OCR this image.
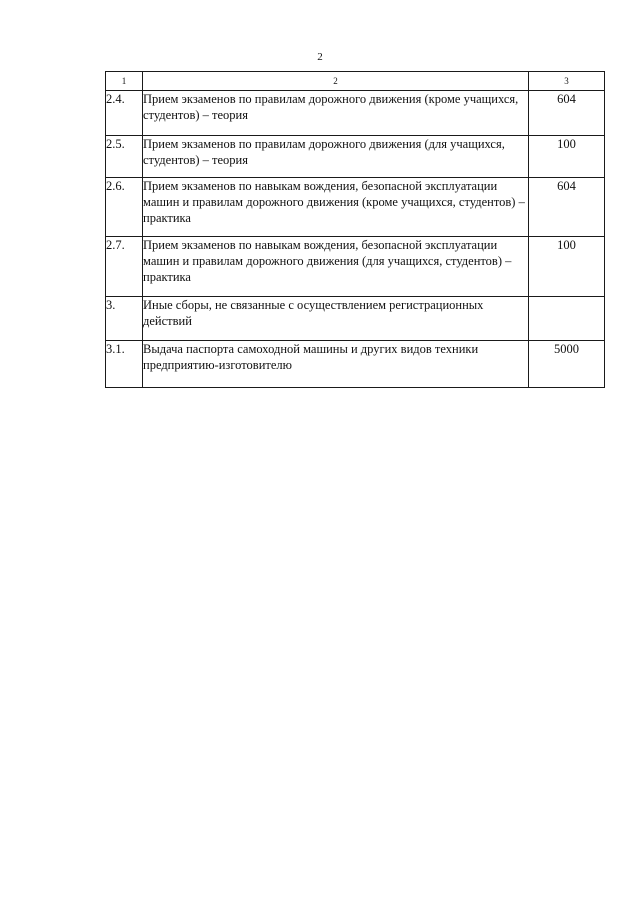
2
1	2	3
2.4.	Прием экзаменов по правилам дорожного движения (кроме учащихся, студентов) – теория	604
2.5.	Прием экзаменов по правилам дорожного движения (для учащихся, студентов) – теория	100
2.6.	Прием экзаменов по навыкам вождения, безопасной эксплуатации машин и правилам дорожного движения (кроме учащихся, студентов) – практика	604
2.7.	Прием экзаменов по навыкам вождения, безопасной эксплуатации машин и правилам дорожного движения (для учащихся, студентов) – практика	100
3.	Иные сборы, не связанные с осуществлением регистрационных действий	
3.1.	Выдача паспорта самоходной машины и других видов техники предприятию-изготовителю	5000
